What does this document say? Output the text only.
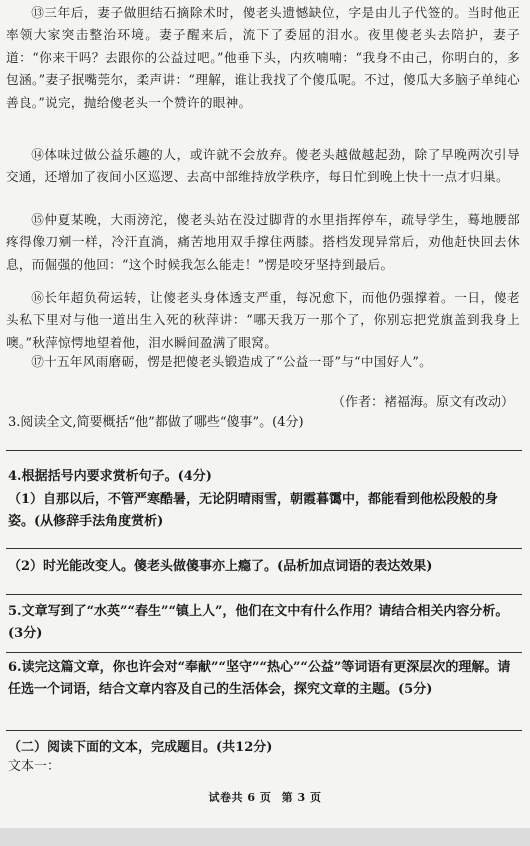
⑬三年后，妻子做胆结石摘除术时，傻老头遗憾缺位，字是由儿子代签的。当时他正率领大家突击整治环境。妻子醒来后，流下了委屈的泪水。夜里傻老头去陪护，妻子道：“你来干吗？去跟你的公益过吧。”他垂下头，内疚喃喃：“我身不由己，你明白的，多包涵。”妻子抿嘴莞尔，柔声讲：“理解，谁让我找了个傻瓜呢。不过，傻瓜大多脑子单纯心善良。”说完，抛给傻老头一个赞许的眼神。
⑭体味过做公益乐趣的人，或许就不会放弃。傻老头越做越起劲，除了早晚两次引导交通，还增加了夜间小区巡逻、去高中部维持放学秩序，每日忙到晚上快十一点才归巢。
⑮仲夏某晚，大雨滂沱，傻老头站在没过脚背的水里指挥停车，疏导学生，蓦地腰部疼得像刀剜一样，冷汗直淌，痛苦地用双手撑住两膝。搭档发现异常后，劝他赶快回去休息，而倔强的他回：“这个时候我怎么能走！”愣是咬牙坚持到最后。
⑯长年超负荷运转，让傻老头身体透支严重，每况愈下，而他仍强撑着。一日，傻老头私下里对与他一道出生入死的秋萍讲：“哪天我万一那个了，你别忘把党旗盖到我身上噢。”秋萍惊愕地望着他，泪水瞬间盈满了眼窝。
⑰十五年风雨磨砺，愣是把傻老头锻造成了“公益一哥”与“中国好人”。
（作者：褚福海。原文有改动）
3.阅读全文,简要概括“他”都做了哪些“傻事”。(4分)
4.根据括号内要求赏析句子。(4分)
（1）自那以后，不管严寒酷暑，无论阴晴雨雪，朝霞暮霭中，都能看到他松段般的身姿。(从修辞手法角度赏析)
（2）时光能改变人。傻老头做傻事亦上瘾了。(品析加点词语的表达效果)
5.文章写到了“水英”“春生”“镇上人”，他们在文中有什么作用？请结合相关内容分析。(3分)
6.读完这篇文章，你也许会对“奉献”“坚守”“热心”“公益”等词语有更深层次的理解。请任选一个词语，结合文章内容及自己的生活体会，探究文章的主题。(5分)
（二）阅读下面的文本，完成题目。(共12分)
文本一：
试卷共 6 页 第 3 页
